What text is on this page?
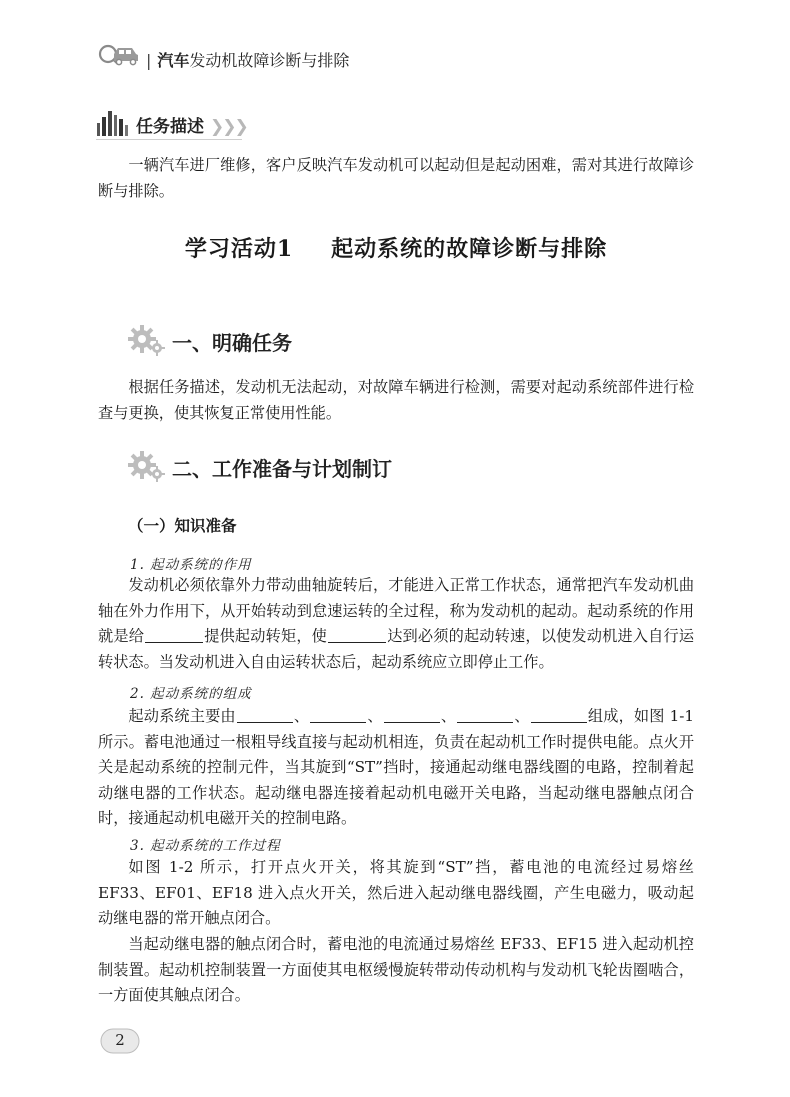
| 汽车发动机故障诊断与排除
任务描述 ❯❯❯

一辆汽车进厂维修，客户反映汽车发动机可以起动但是起动困难，需对其进行故障诊断与排除。

学习活动1 起动系统的故障诊断与排除
一、明确任务

根据任务描述，发动机无法起动，对故障车辆进行检测，需要对起动系统部件进行检查与更换，使其恢复正常使用性能。

二、工作准备与计划制订
（一）知识准备
1. 起动系统的作用

发动机必须依靠外力带动曲轴旋转后，才能进入正常工作状态，通常把汽车发动机曲轴在外力作用下，从开始转动到怠速运转的全过程，称为发动机的起动。起动系统的作用就是给	提供起动转矩，使	达到必须的起动转速，以使发动机进入自行运转状态。当发动机进入自由运转状态后，起动系统应立即停止工作。

2. 起动系统的组成

起动系统主要由	、	、	、	、	组成，如图 1-1所示。蓄电池通过一根粗导线直接与起动机相连，负责在起动机工作时提供电能。点火开关是起动系统的控制元件，当其旋到“ST”挡时，接通起动继电器线圈的电路，控制着起动继电器的工作状态。起动继电器连接着起动机电磁开关电路，当起动继电器触点闭合时，接通起动机电磁开关的控制电路。

3. 起动系统的工作过程

如图 1-2 所示，打开点火开关，将其旋到“ST”挡，蓄电池的电流经过易熔丝 EF33、EF01、EF18 进入点火开关，然后进入起动继电器线圈，产生电磁力，吸动起动继电器的常开触点闭合。

当起动继电器的触点闭合时，蓄电池的电流通过易熔丝 EF33、EF15 进入起动机控制装置。起动机控制装置一方面使其电枢缓慢旋转带动传动机构与发动机飞轮齿圈啮合，一方面使其触点闭合。

2
